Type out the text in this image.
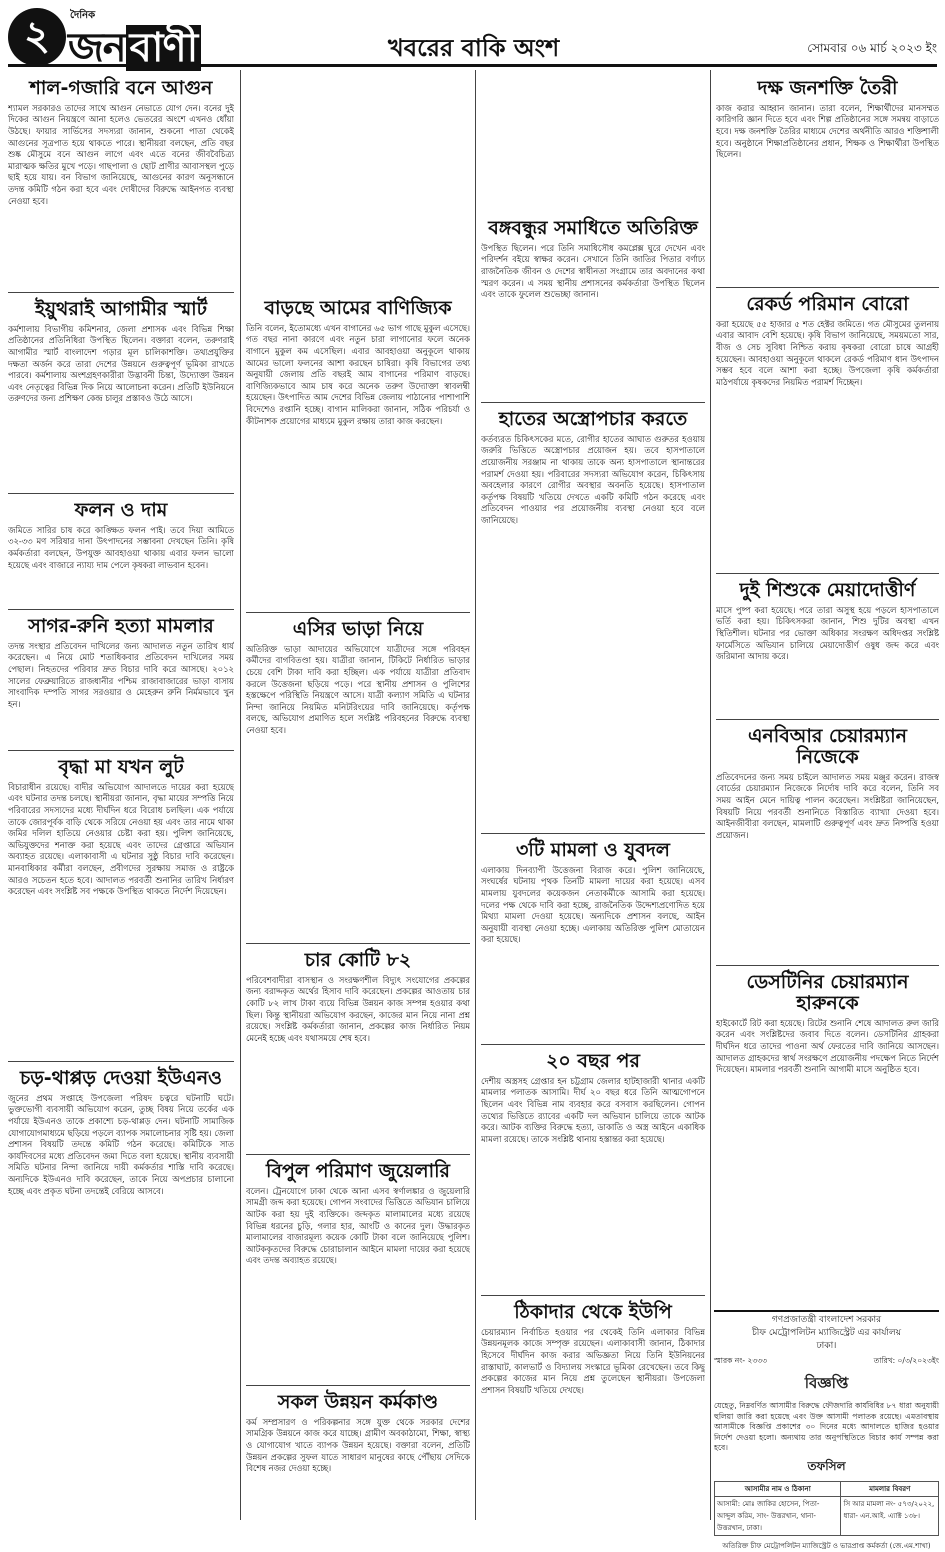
২	দৈনিক
জন বাণী	খবরের বাকি অংশ	সোমবার ০৬ মার্চ ২০২৩ ইং
শাল-গজারি বনে আগুন

শ্যামল সরকারও তাদের সাথে আগুন নেভাতে যোগ দেন। বনের দুই দিকের আগুন নিয়ন্ত্রণে আনা হলেও ভেতরের অংশে এখনও ধোঁয়া উঠছে। ফায়ার সার্ভিসের সদস্যরা জানান, শুকনো পাতা থেকেই আগুনের সূত্রপাত হয়ে থাকতে পারে। স্থানীয়রা বলছেন, প্রতি বছর শুষ্ক মৌসুমে বনে আগুন লাগে এবং এতে বনের জীববৈচিত্র্য মারাত্মক ক্ষতির মুখে পড়ে। গাছপালা ও ছোট প্রাণীর আবাসস্থল পুড়ে ছাই হয়ে যায়। বন বিভাগ জানিয়েছে, আগুনের কারণ অনুসন্ধানে তদন্ত কমিটি গঠন করা হবে এবং দোষীদের বিরুদ্ধে আইনগত ব্যবস্থা নেওয়া হবে।

ইয়ুথরাই আগামীর স্মার্ট

কর্মশালায় বিভাগীয় কমিশনার, জেলা প্রশাসক এবং বিভিন্ন শিক্ষা প্রতিষ্ঠানের প্রতিনিধিরা উপস্থিত ছিলেন। বক্তারা বলেন, তরুণরাই আগামীর স্মার্ট বাংলাদেশ গড়ার মূল চালিকাশক্তি। তথ্যপ্রযুক্তির দক্ষতা অর্জন করে তারা দেশের উন্নয়নে গুরুত্বপূর্ণ ভূমিকা রাখতে পারবে। কর্মশালায় অংশগ্রহণকারীরা উদ্ভাবনী চিন্তা, উদ্যোক্তা উন্নয়ন এবং নেতৃত্বের বিভিন্ন দিক নিয়ে আলোচনা করেন। প্রতিটি ইউনিয়নে তরুণদের জন্য প্রশিক্ষণ কেন্দ্র চালুর প্রস্তাবও উঠে আসে।

ফলন ও দাম

জমিতে সারির চাষ করে কাঙ্ক্ষিত ফলন পাই। তবে দিয়া আমিতে ৩২-৩৩ মণ সরিষার দানা উৎপাদনের সম্ভাবনা দেখছেন তিনি। কৃষি কর্মকর্তারা বলছেন, উপযুক্ত আবহাওয়া থাকায় এবার ফলন ভালো হয়েছে এবং বাজারে ন্যায্য দাম পেলে কৃষকরা লাভবান হবেন।

সাগর-রুনি হত্যা মামলার

তদন্ত সংস্থার প্রতিবেদন দাখিলের জন্য আদালত নতুন তারিখ ধার্য করেছেন। এ নিয়ে মোট শতাধিকবার প্রতিবেদন দাখিলের সময় পেছাল। নিহতদের পরিবার দ্রুত বিচার দাবি করে আসছে। ২০১২ সালের ফেব্রুয়ারিতে রাজধানীর পশ্চিম রাজাবাজারের ভাড়া বাসায় সাংবাদিক দম্পতি সাগর সরওয়ার ও মেহেরুন রুনি নির্মমভাবে খুন হন।

বৃদ্ধা মা যখন লুট

বিচারাধীন রয়েছে। বাদীর অভিযোগ আদালতে দায়ের করা হয়েছে এবং ঘটনার তদন্ত চলছে। স্থানীয়রা জানান, বৃদ্ধা মায়ের সম্পত্তি নিয়ে পরিবারের সদস্যদের মধ্যে দীর্ঘদিন ধরে বিরোধ চলছিল। এক পর্যায়ে তাকে জোরপূর্বক বাড়ি থেকে সরিয়ে নেওয়া হয় এবং তার নামে থাকা জমির দলিল হাতিয়ে নেওয়ার চেষ্টা করা হয়। পুলিশ জানিয়েছে, অভিযুক্তদের শনাক্ত করা হয়েছে এবং তাদের গ্রেপ্তারে অভিযান অব্যাহত রয়েছে। এলাকাবাসী এ ঘটনার সুষ্ঠু বিচার দাবি করেছেন। মানবাধিকার কর্মীরা বলছেন, প্রবীণদের সুরক্ষায় সমাজ ও রাষ্ট্রকে আরও সচেতন হতে হবে। আদালত পরবর্তী শুনানির তারিখ নির্ধারণ করেছেন এবং সংশ্লিষ্ট সব পক্ষকে উপস্থিত থাকতে নির্দেশ দিয়েছেন।

চড়-থাপ্পড় দেওয়া ইউএনও

জুনের প্রথম সপ্তাহে উপজেলা পরিষদ চত্বরে ঘটনাটি ঘটে। ভুক্তভোগী ব্যবসায়ী অভিযোগ করেন, তুচ্ছ বিষয় নিয়ে তর্কের এক পর্যায়ে ইউএনও তাকে প্রকাশ্যে চড়-থাপ্পড় দেন। ঘটনাটি সামাজিক যোগাযোগমাধ্যমে ছড়িয়ে পড়লে ব্যাপক সমালোচনার সৃষ্টি হয়। জেলা প্রশাসন বিষয়টি তদন্তে কমিটি গঠন করেছে। কমিটিকে সাত কার্যদিবসের মধ্যে প্রতিবেদন জমা দিতে বলা হয়েছে। স্থানীয় ব্যবসায়ী সমিতি ঘটনার নিন্দা জানিয়ে দায়ী কর্মকর্তার শাস্তি দাবি করেছে। অন্যদিকে ইউএনও দাবি করেছেন, তাকে নিয়ে অপপ্রচার চালানো হচ্ছে এবং প্রকৃত ঘটনা তদন্তেই বেরিয়ে আসবে।

বাড়ছে আমের বাণিজ্যিক

তিনি বলেন, ইতোমধ্যে এখন বাগানের ৬৫ ভাগ গাছে মুকুল এসেছে। গত বছর নানা কারণে এবং নতুন চারা লাগানোর ফলে অনেক বাগানে মুকুল কম এসেছিল। এবার আবহাওয়া অনুকূলে থাকায় আমের ভালো ফলনের আশা করছেন চাষিরা। কৃষি বিভাগের তথ্য অনুযায়ী জেলায় প্রতি বছরই আম বাগানের পরিমাণ বাড়ছে। বাণিজ্যিকভাবে আম চাষ করে অনেক তরুণ উদ্যোক্তা স্বাবলম্বী হয়েছেন। উৎপাদিত আম দেশের বিভিন্ন জেলায় পাঠানোর পাশাপাশি বিদেশেও রপ্তানি হচ্ছে। বাগান মালিকরা জানান, সঠিক পরিচর্যা ও কীটনাশক প্রয়োগের মাধ্যমে মুকুল রক্ষায় তারা কাজ করছেন।

এসির ভাড়া নিয়ে

অতিরিক্ত ভাড়া আদায়ের অভিযোগে যাত্রীদের সঙ্গে পরিবহন কর্মীদের বাগবিতণ্ডা হয়। যাত্রীরা জানান, টিকিটে নির্ধারিত ভাড়ার চেয়ে বেশি টাকা দাবি করা হচ্ছিল। এক পর্যায়ে যাত্রীরা প্রতিবাদ করলে উত্তেজনা ছড়িয়ে পড়ে। পরে স্থানীয় প্রশাসন ও পুলিশের হস্তক্ষেপে পরিস্থিতি নিয়ন্ত্রণে আসে। যাত্রী কল্যাণ সমিতি এ ঘটনার নিন্দা জানিয়ে নিয়মিত মনিটরিংয়ের দাবি জানিয়েছে। কর্তৃপক্ষ বলছে, অভিযোগ প্রমাণিত হলে সংশ্লিষ্ট পরিবহনের বিরুদ্ধে ব্যবস্থা নেওয়া হবে।

চার কোটি ৮২

পরিবেশবাদীরা বাসস্থান ও সংরক্ষণশীল বিদ্যুৎ সংযোগের প্রকল্পের জন্য বরাদ্দকৃত অর্থের হিসাব দাবি করেছেন। প্রকল্পের আওতায় চার কোটি ৮২ লাখ টাকা ব্যয়ে বিভিন্ন উন্নয়ন কাজ সম্পন্ন হওয়ার কথা ছিল। কিন্তু স্থানীয়রা অভিযোগ করছেন, কাজের মান নিয়ে নানা প্রশ্ন রয়েছে। সংশ্লিষ্ট কর্মকর্তারা জানান, প্রকল্পের কাজ নির্ধারিত নিয়ম মেনেই হচ্ছে এবং যথাসময়ে শেষ হবে।

বিপুল পরিমাণ জুয়েলারি

বলেন। ট্রেনযোগে ঢাকা থেকে আনা এসব স্বর্ণালঙ্কার ও জুয়েলারি সামগ্রী জব্দ করা হয়েছে। গোপন সংবাদের ভিত্তিতে অভিযান চালিয়ে আটক করা হয় দুই ব্যক্তিকে। জব্দকৃত মালামালের মধ্যে রয়েছে বিভিন্ন ধরনের চুড়ি, গলার হার, আংটি ও কানের দুল। উদ্ধারকৃত মালামালের বাজারমূল্য কয়েক কোটি টাকা বলে জানিয়েছে পুলিশ। আটককৃতদের বিরুদ্ধে চোরাচালান আইনে মামলা দায়ের করা হয়েছে এবং তদন্ত অব্যাহত রয়েছে।

সকল উন্নয়ন কর্মকাণ্ড

কর্ম সম্প্রসারণ ও পরিকল্পনার সঙ্গে যুক্ত থেকে সরকার দেশের সামগ্রিক উন্নয়নে কাজ করে যাচ্ছে। গ্রামীণ অবকাঠামো, শিক্ষা, স্বাস্থ্য ও যোগাযোগ খাতে ব্যাপক উন্নয়ন হয়েছে। বক্তারা বলেন, প্রতিটি উন্নয়ন প্রকল্পের সুফল যাতে সাধারণ মানুষের কাছে পৌঁছায় সেদিকে বিশেষ নজর দেওয়া হচ্ছে।

বঙ্গবন্ধুর সমাধিতে অতিরিক্ত

উপস্থিত ছিলেন। পরে তিনি সমাধিসৌধ কমপ্লেক্স ঘুরে দেখেন এবং পরিদর্শন বইয়ে স্বাক্ষর করেন। সেখানে তিনি জাতির পিতার বর্ণাঢ্য রাজনৈতিক জীবন ও দেশের স্বাধীনতা সংগ্রামে তার অবদানের কথা স্মরণ করেন। এ সময় স্থানীয় প্রশাসনের কর্মকর্তারা উপস্থিত ছিলেন এবং তাকে ফুলেল শুভেচ্ছা জানান।

হাতের অস্ত্রোপচার করতে

কর্তব্যরত চিকিৎসকের মতে, রোগীর হাতের আঘাত গুরুতর হওয়ায় জরুরি ভিত্তিতে অস্ত্রোপচার প্রয়োজন হয়। তবে হাসপাতালে প্রয়োজনীয় সরঞ্জাম না থাকায় তাকে অন্য হাসপাতালে স্থানান্তরের পরামর্শ দেওয়া হয়। পরিবারের সদস্যরা অভিযোগ করেন, চিকিৎসায় অবহেলার কারণে রোগীর অবস্থার অবনতি হয়েছে। হাসপাতাল কর্তৃপক্ষ বিষয়টি খতিয়ে দেখতে একটি কমিটি গঠন করেছে এবং প্রতিবেদন পাওয়ার পর প্রয়োজনীয় ব্যবস্থা নেওয়া হবে বলে জানিয়েছে।

৩টি মামলা ও যুবদল

এলাকায় দিনব্যাপী উত্তেজনা বিরাজ করে। পুলিশ জানিয়েছে, সংঘর্ষের ঘটনায় পৃথক তিনটি মামলা দায়ের করা হয়েছে। এসব মামলায় যুবদলের কয়েকজন নেতাকর্মীকে আসামি করা হয়েছে। দলের পক্ষ থেকে দাবি করা হচ্ছে, রাজনৈতিক উদ্দেশ্যপ্রণোদিত হয়ে মিথ্যা মামলা দেওয়া হয়েছে। অন্যদিকে প্রশাসন বলছে, আইন অনুযায়ী ব্যবস্থা নেওয়া হচ্ছে। এলাকায় অতিরিক্ত পুলিশ মোতায়েন করা হয়েছে।

২০ বছর পর

দেশীয় অস্ত্রসহ গ্রেপ্তার হন চট্টগ্রাম জেলার হাটহাজারী থানার একটি মামলার পলাতক আসামি। দীর্ঘ ২০ বছর ধরে তিনি আত্মগোপনে ছিলেন এবং বিভিন্ন নাম ব্যবহার করে বসবাস করছিলেন। গোপন তথ্যের ভিত্তিতে র‍্যাবের একটি দল অভিযান চালিয়ে তাকে আটক করে। আটক ব্যক্তির বিরুদ্ধে হত্যা, ডাকাতি ও অস্ত্র আইনে একাধিক মামলা রয়েছে। তাকে সংশ্লিষ্ট থানায় হস্তান্তর করা হয়েছে।

ঠিকাদার থেকে ইউপি

চেয়ারম্যান নির্বাচিত হওয়ার পর থেকেই তিনি এলাকার বিভিন্ন উন্নয়নমূলক কাজে সম্পৃক্ত রয়েছেন। এলাকাবাসী জানান, ঠিকাদার হিসেবে দীর্ঘদিন কাজ করার অভিজ্ঞতা নিয়ে তিনি ইউনিয়নের রাস্তাঘাট, কালভার্ট ও বিদ্যালয় সংস্কারে ভূমিকা রেখেছেন। তবে কিছু প্রকল্পের কাজের মান নিয়ে প্রশ্ন তুলেছেন স্থানীয়রা। উপজেলা প্রশাসন বিষয়টি খতিয়ে দেখছে।

দক্ষ জনশক্তি তৈরী

কাজ করার আহ্বান জানান। তারা বলেন, শিক্ষার্থীদের মানসম্মত কারিগরি জ্ঞান দিতে হবে এবং শিল্প প্রতিষ্ঠানের সঙ্গে সমন্বয় বাড়াতে হবে। দক্ষ জনশক্তি তৈরির মাধ্যমে দেশের অর্থনীতি আরও শক্তিশালী হবে। অনুষ্ঠানে শিক্ষাপ্রতিষ্ঠানের প্রধান, শিক্ষক ও শিক্ষার্থীরা উপস্থিত ছিলেন।

রেকর্ড পরিমান বোরো

করা হয়েছে ৫৫ হাজার ৫ শত হেক্টর জমিতে। গত মৌসুমের তুলনায় এবার আবাদ বেশি হয়েছে। কৃষি বিভাগ জানিয়েছে, সময়মতো সার, বীজ ও সেচ সুবিধা নিশ্চিত করায় কৃষকরা বোরো চাষে আগ্রহী হয়েছেন। আবহাওয়া অনুকূলে থাকলে রেকর্ড পরিমাণ ধান উৎপাদন সম্ভব হবে বলে আশা করা হচ্ছে। উপজেলা কৃষি কর্মকর্তারা মাঠপর্যায়ে কৃষকদের নিয়মিত পরামর্শ দিচ্ছেন।

দুই শিশুকে মেয়াদোত্তীর্ণ

মাসে পুষ্প করা হয়েছে। পরে তারা অসুস্থ হয়ে পড়লে হাসপাতালে ভর্তি করা হয়। চিকিৎসকরা জানান, শিশু দুটির অবস্থা এখন স্থিতিশীল। ঘটনার পর ভোক্তা অধিকার সংরক্ষণ অধিদপ্তর সংশ্লিষ্ট ফার্মেসিতে অভিযান চালিয়ে মেয়াদোত্তীর্ণ ওষুধ জব্দ করে এবং জরিমানা আদায় করে।

এনবিআর চেয়ারম্যান নিজেকে

প্রতিবেদনের জন্য সময় চাইলে আদালত সময় মঞ্জুর করেন। রাজস্ব বোর্ডের চেয়ারম্যান নিজেকে নির্দোষ দাবি করে বলেন, তিনি সব সময় আইন মেনে দায়িত্ব পালন করেছেন। সংশ্লিষ্টরা জানিয়েছেন, বিষয়টি নিয়ে পরবর্তী শুনানিতে বিস্তারিত ব্যাখ্যা দেওয়া হবে। আইনজীবীরা বলছেন, মামলাটি গুরুত্বপূর্ণ এবং দ্রুত নিষ্পত্তি হওয়া প্রয়োজন।

ডেসটিনির চেয়ারম্যান হারুনকে

হাইকোর্টে রিট করা হয়েছে। রিটের শুনানি শেষে আদালত রুল জারি করেন এবং সংশ্লিষ্টদের জবাব দিতে বলেন। ডেসটিনির গ্রাহকরা দীর্ঘদিন ধরে তাদের পাওনা অর্থ ফেরতের দাবি জানিয়ে আসছেন। আদালত গ্রাহকদের স্বার্থ সংরক্ষণে প্রয়োজনীয় পদক্ষেপ নিতে নির্দেশ দিয়েছেন। মামলার পরবর্তী শুনানি আগামী মাসে অনুষ্ঠিত হবে।

গণপ্রজাতন্ত্রী বাংলাদেশ সরকার
চীফ মেট্রোপলিটন ম্যাজিস্ট্রেট এর কার্যালয়
ঢাকা।
স্মারক নং- ২৩৩৩	তারিখ: ০/৩/২০২৩ইং
বিজ্ঞপ্তি
যেহেতু, নিম্নবর্ণিত আসামীর বিরুদ্ধে ফৌজদারি কার্যবিধির ৮৭ ধারা অনুযায়ী হুলিয়া জারি করা হয়েছে এবং উক্ত আসামী পলাতক রয়েছে। এমতাবস্থায় আসামীকে বিজ্ঞপ্তি প্রকাশের ৩০ দিনের মধ্যে আদালতে হাজির হওয়ার নির্দেশ দেওয়া হলো। অন্যথায় তার অনুপস্থিতিতে বিচার কার্য সম্পন্ন করা হবে।
তফসিল
আসামীর নাম ও ঠিকানা	মামলার বিবরণ
আসামী: মোঃ জাকির হোসেন, পিতা- আব্দুল করিম, সাং- উত্তরখান, থানা- উত্তরখান, ঢাকা।	সি আর মামলা নং- ৫৭৩/২০২২, ধারা- এন.আই. এ্যাক্ট ১৩৮।
অতিরিক্ত চীফ মেট্রোপলিটন ম্যাজিস্ট্রেট ও ভারপ্রাপ্ত কর্মকর্তা (জে.এম.শাখা)
